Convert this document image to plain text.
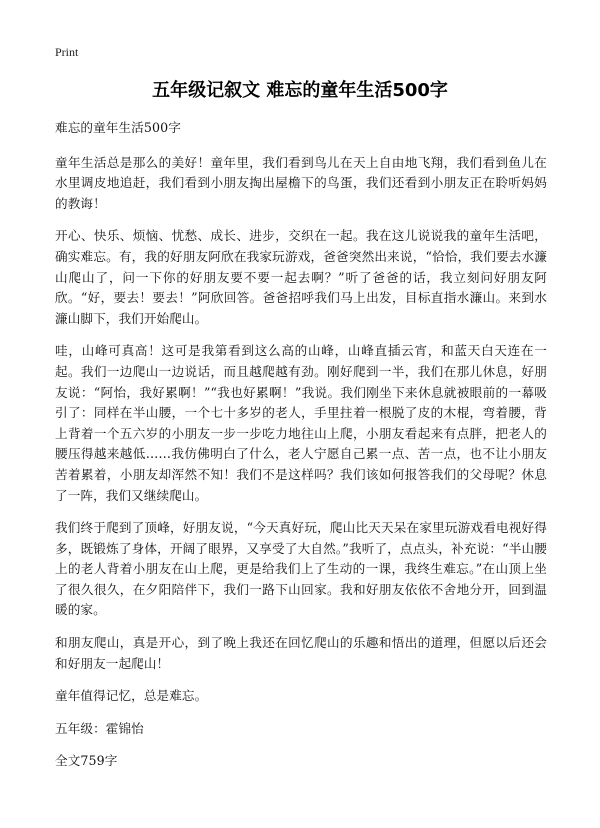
Print
五年级记叙文 难忘的童年生活500字

难忘的童年生活500字

童年生活总是那么的美好！童年里，我们看到鸟儿在天上自由地飞翔，我们看到鱼儿在水里调皮地追赶，我们看到小朋友掏出屋檐下的鸟蛋，我们还看到小朋友正在聆听妈妈的教诲！

开心、快乐、烦恼、忧愁、成长、进步，交织在一起。我在这儿说说我的童年生活吧，确实难忘。有，我的好朋友阿欣在我家玩游戏，爸爸突然出来说，“恰恰，我们要去水濂山爬山了，问一下你的好朋友要不要一起去啊？”听了爸爸的话，我立刻问好朋友阿欣。“好，要去！要去！”阿欣回答。爸爸招呼我们马上出发，目标直指水濂山。来到水濂山脚下，我们开始爬山。

哇，山峰可真高！这可是我第看到这么高的山峰，山峰直插云宵，和蓝天白天连在一起。我们一边爬山一边说话，而且越爬越有劲。刚好爬到一半，我们在那儿休息，好朋友说：“阿怡，我好累啊！”“我也好累啊！”我说。我们刚坐下来休息就被眼前的一幕吸引了：同样在半山腰，一个七十多岁的老人，手里拄着一根脱了皮的木棍，弯着腰，背上背着一个五六岁的小朋友一步一步吃力地往山上爬，小朋友看起来有点胖，把老人的腰压得越来越低……我仿佛明白了什么，老人宁愿自己累一点、苦一点，也不让小朋友苦着累着，小朋友却浑然不知！我们不是这样吗？我们该如何报答我们的父母呢？休息了一阵，我们又继续爬山。

我们终于爬到了顶峰，好朋友说，“今天真好玩，爬山比天天呆在家里玩游戏看电视好得多，既锻炼了身体，开阔了眼界，又享受了大自然。”我听了，点点头，补充说：“半山腰上的老人背着小朋友在山上爬，更是给我们上了生动的一课，我终生难忘。”在山顶上坐了很久很久，在夕阳陪伴下，我们一路下山回家。我和好朋友依依不舍地分开，回到温暖的家。

和朋友爬山，真是开心，到了晚上我还在回忆爬山的乐趣和悟出的道理，但愿以后还会和好朋友一起爬山！

童年值得记忆，总是难忘。

五年级：霍锦怡

全文759字
